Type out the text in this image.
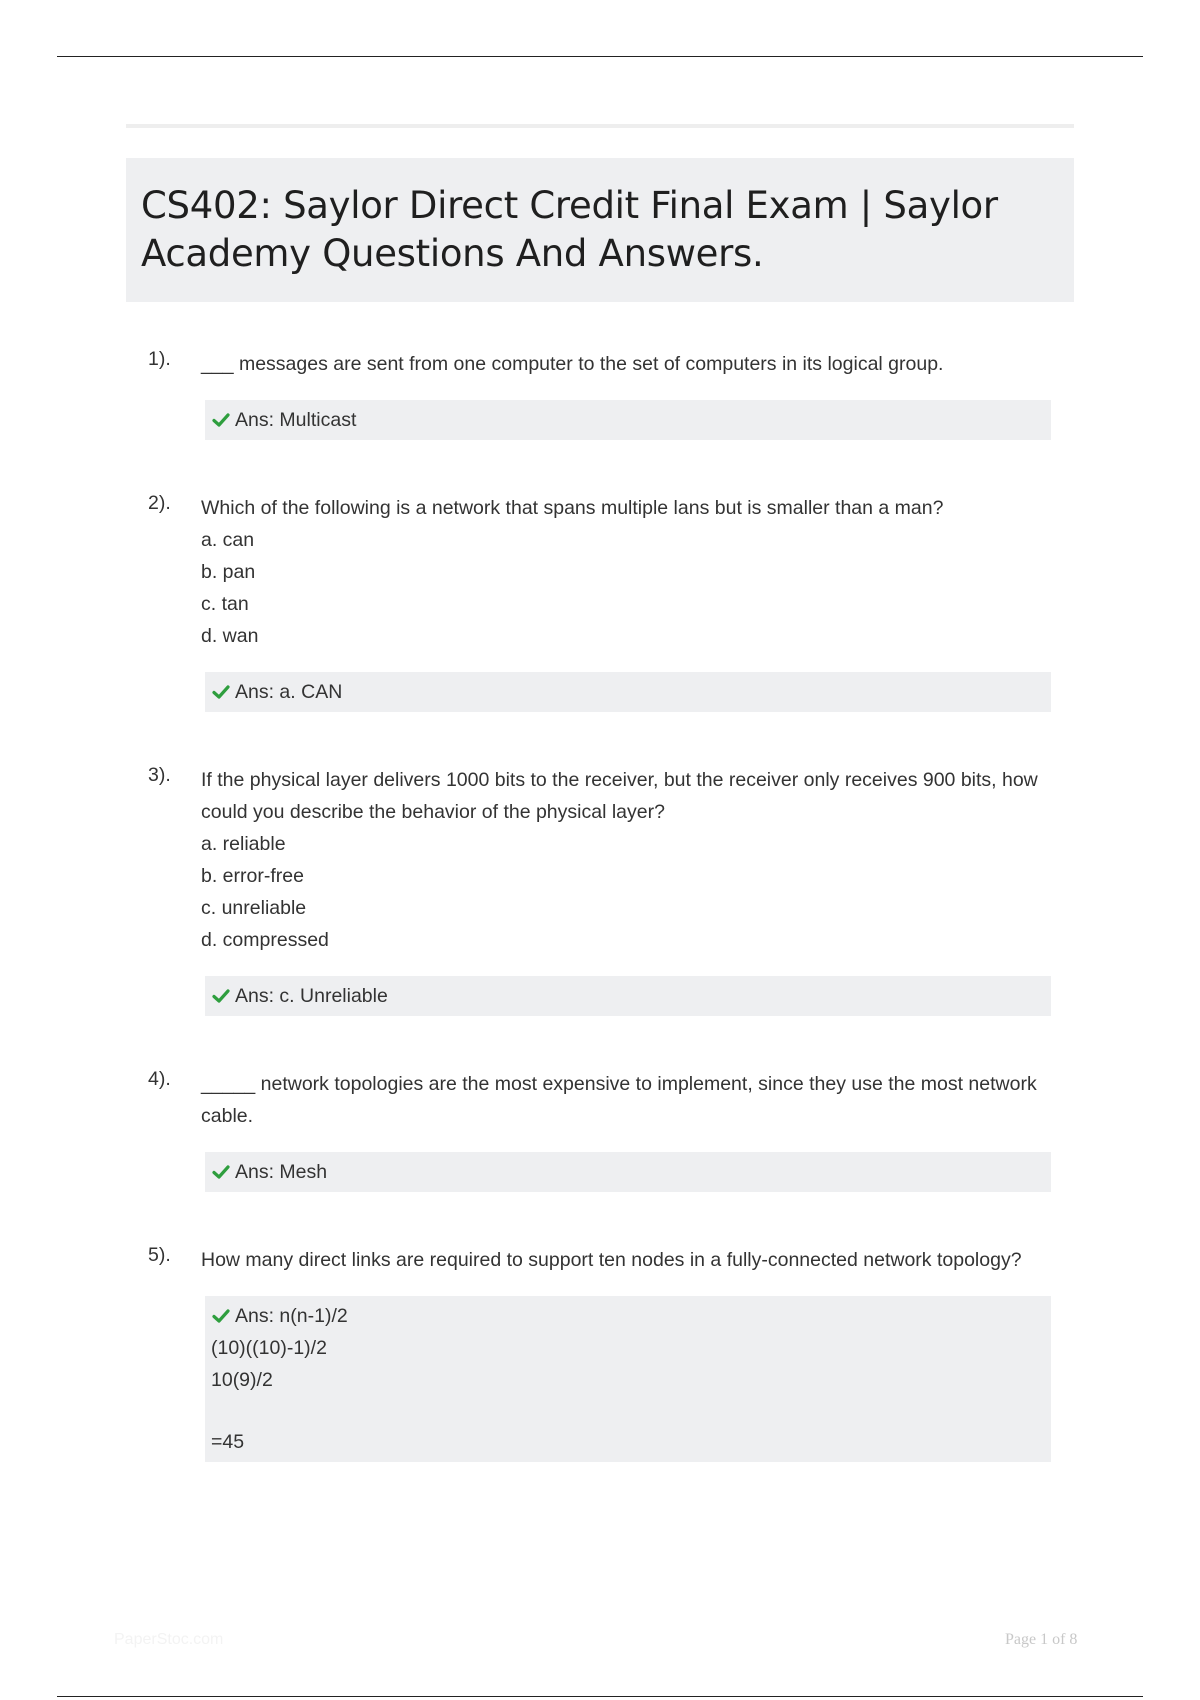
CS402: Saylor Direct Credit Final Exam | Saylor Academy Questions And Answers.
1). ___ messages are sent from one computer to the set of computers in its logical group.

Ans: Multicast
2). Which of the following is a network that spans multiple lans but is smaller than a man?

a. can
b. pan
c. tan
d. wan
Ans: a. CAN
3). If the physical layer delivers 1000 bits to the receiver, but the receiver only receives 900 bits, how could you describe the behavior of the physical layer?

a. reliable
b. error-free
c. unreliable
d. compressed
Ans: c. Unreliable
4). _____ network topologies are the most expensive to implement, since they use the most network cable.

Ans: Mesh
5). How many direct links are required to support ten nodes in a fully-connected network topology?

Ans: n(n-1)/2
(10)((10)-1)/2
10(9)/2
=45
PaperStoc.com	Page 1 of 8
